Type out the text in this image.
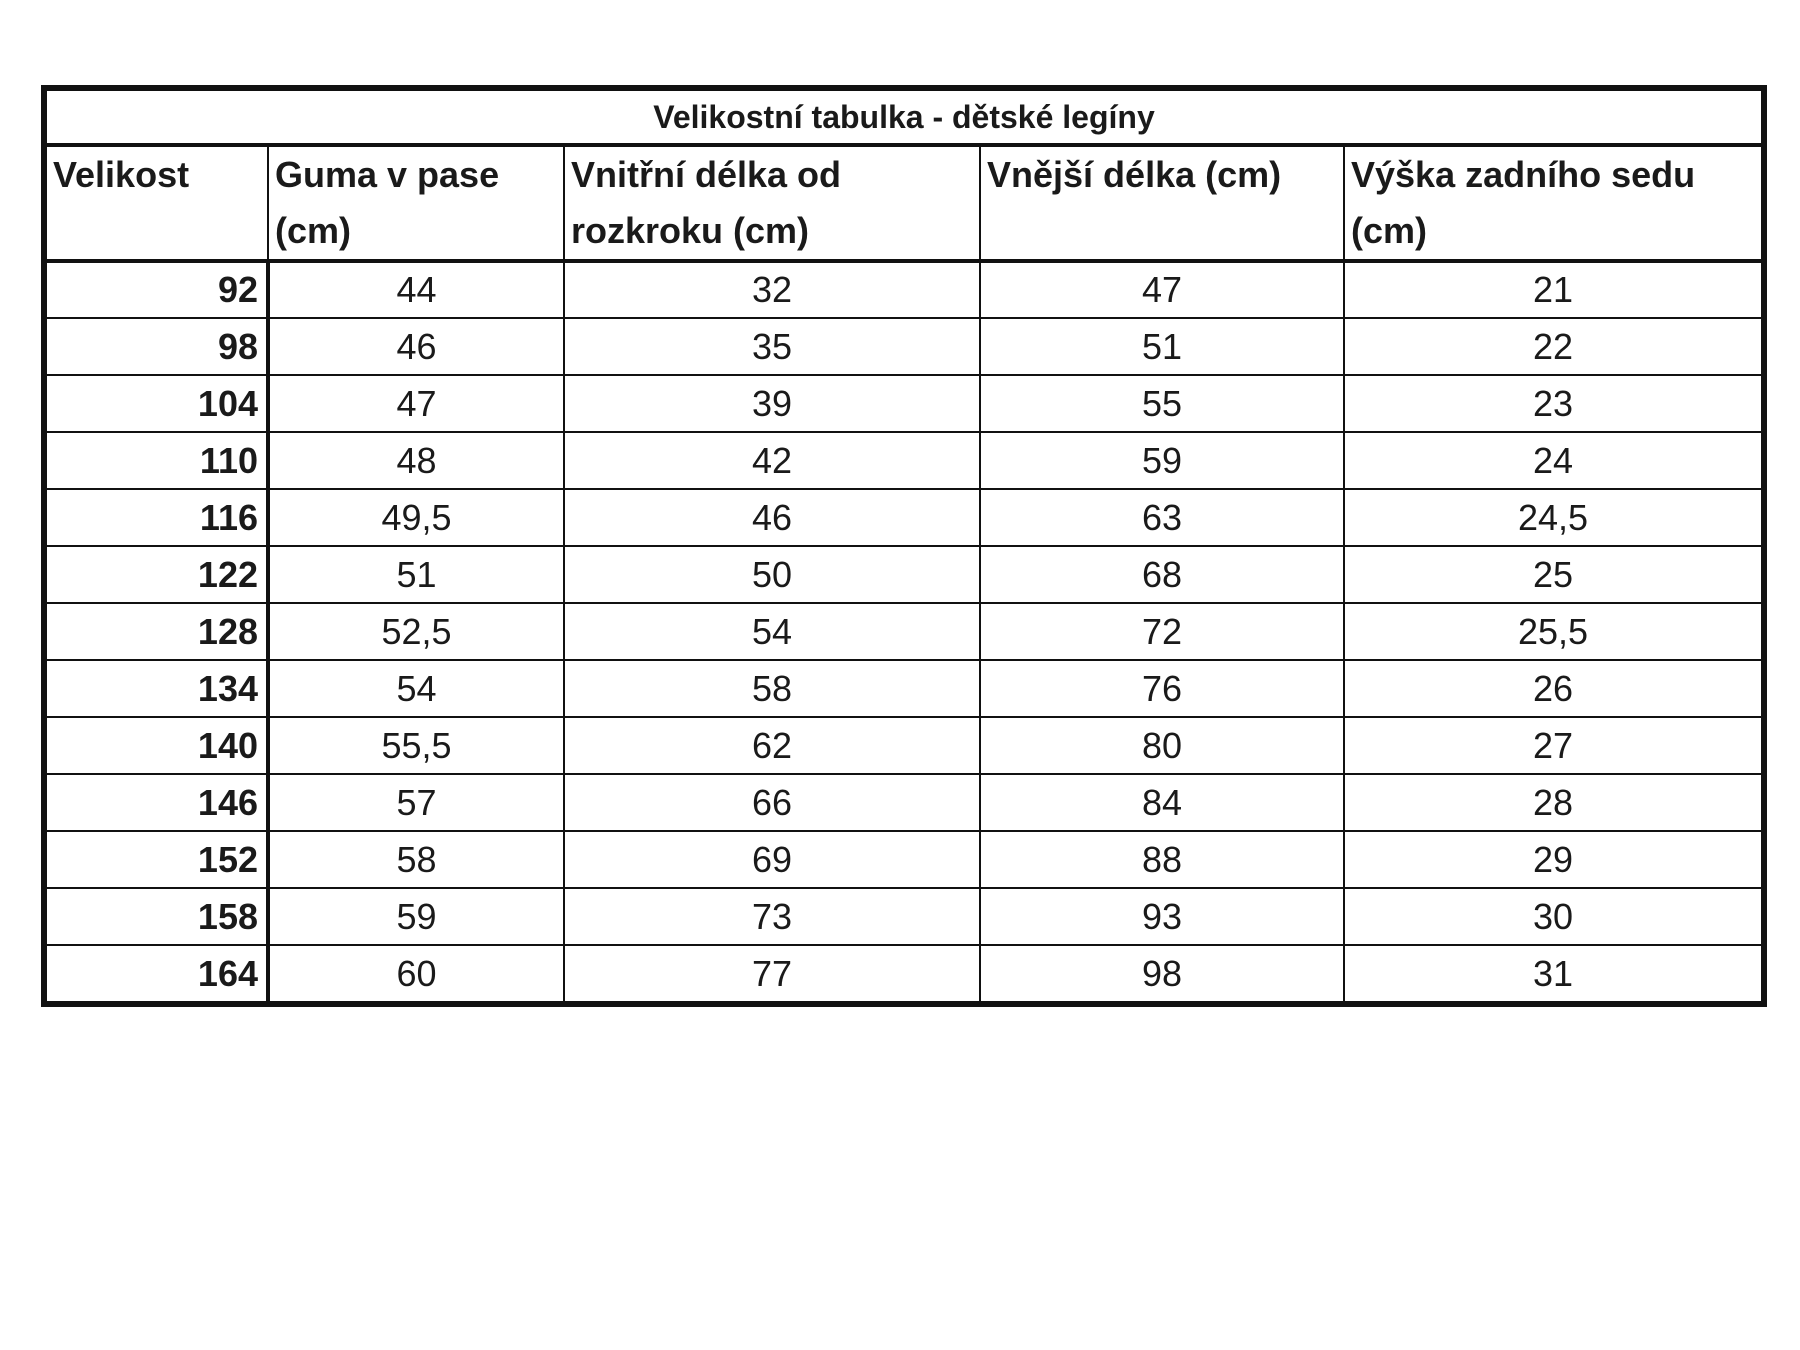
Velikostní tabulka - dětské legíny				
Velikost	Guma v pase (cm)	Vnitřní délka od rozkroku (cm)	Vnější délka (cm)	Výška zadního sedu (cm)
92	44	32	47	21
98	46	35	51	22
104	47	39	55	23
110	48	42	59	24
116	49,5	46	63	24,5
122	51	50	68	25
128	52,5	54	72	25,5
134	54	58	76	26
140	55,5	62	80	27
146	57	66	84	28
152	58	69	88	29
158	59	73	93	30
164	60	77	98	31
